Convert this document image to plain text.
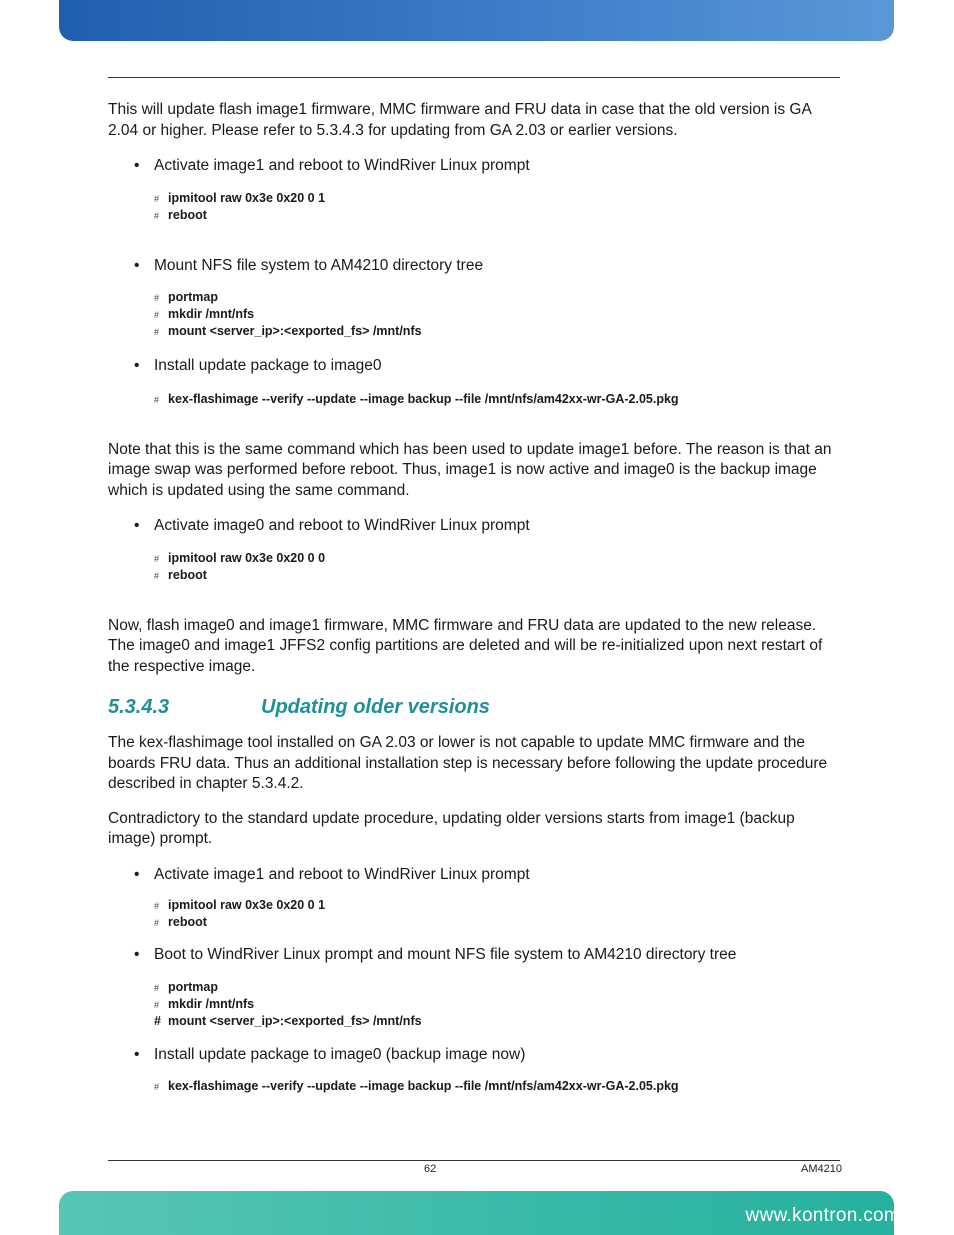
This will update flash image1 firmware, MMC firmware and FRU data in case that the old version is GA 2.04 or higher. Please refer to 5.3.4.3 for updating from GA 2.03 or earlier versions.

• Activate image1 and reboot to WindRiver Linux prompt

# ipmitool raw 0x3e 0x20 0 1
# reboot

• Mount NFS file system to AM4210 directory tree

# portmap
# mkdir /mnt/nfs
# mount <server_ip>:<exported_fs> /mnt/nfs

• Install update package to image0

# kex-flashimage --verify --update --image backup --file /mnt/nfs/am42xx-wr-GA-2.05.pkg

Note that this is the same command which has been used to update image1 before. The reason is that an image swap was performed before reboot. Thus, image1 is now active and image0 is the backup image which is updated using the same command.

• Activate image0 and reboot to WindRiver Linux prompt

# ipmitool raw 0x3e 0x20 0 0
# reboot

Now, flash image0 and image1 firmware, MMC firmware and FRU data are updated to the new release. The image0 and image1 JFFS2 config partitions are deleted and will be re-initialized upon next restart of the respective image.

5.3.4.3	Updating older versions

The kex-flashimage tool installed on GA 2.03 or lower is not capable to update MMC firmware and the boards FRU data. Thus an additional installation step is necessary before following the update procedure described in chapter 5.3.4.2.

Contradictory to the standard update procedure, updating older versions starts from image1 (backup image) prompt.

• Activate image1 and reboot to WindRiver Linux prompt

# ipmitool raw 0x3e 0x20 0 1
# reboot

• Boot to WindRiver Linux prompt and mount NFS file system to AM4210 directory tree

# portmap
# mkdir /mnt/nfs
# mount <server_ip>:<exported_fs> /mnt/nfs

• Install update package to image0 (backup image now)

# kex-flashimage --verify --update --image backup --file /mnt/nfs/am42xx-wr-GA-2.05.pkg
62	AM4210
www.kontron.com
